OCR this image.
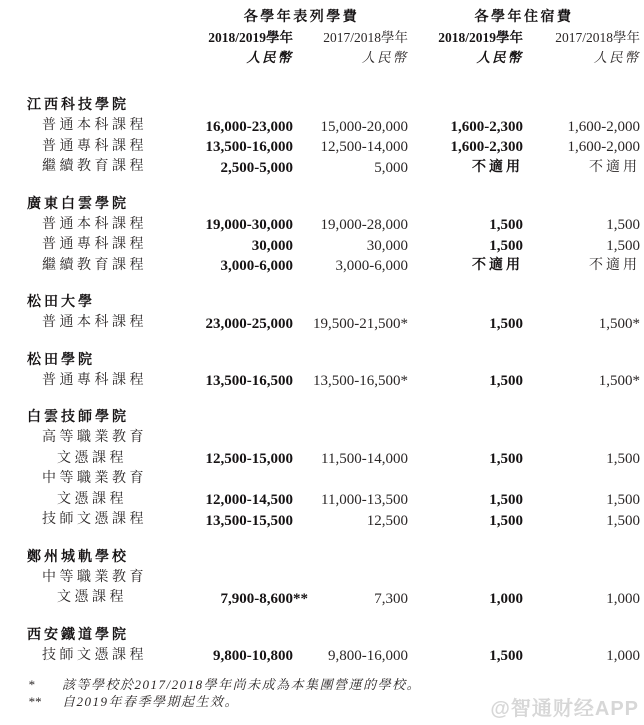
各學年表列學費	各學年住宿費
2018/2019學年	2017/2018學年	2018/2019學年	2017/2018學年
人民幣	人民幣	人民幣	人民幣
江西科技學院
普通本科課程	16,000-23,000	15,000-20,000	1,600-2,300	1,600-2,000
普通專科課程	13,500-16,000	12,500-14,000	1,600-2,300	1,600-2,000
繼續教育課程	2,500-5,000	5,000	不適用	不適用
廣東白雲學院
普通本科課程	19,000-30,000	19,000-28,000	1,500	1,500
普通專科課程	30,000	30,000	1,500	1,500
繼續教育課程	3,000-6,000	3,000-6,000	不適用	不適用
松田大學
普通本科課程	23,000-25,000	19,500-21,500*	1,500	1,500*
松田學院
普通專科課程	13,500-16,500	13,500-16,500*	1,500	1,500*
白雲技師學院
高等職業教育
文憑課程	12,500-15,000	11,500-14,000	1,500	1,500
中等職業教育
文憑課程	12,000-14,500	11,000-13,500	1,500	1,500
技師文憑課程	13,500-15,500	12,500	1,500	1,500
鄭州城軌學校
中等職業教育
文憑課程	7,900-8,600 **	7,300	1,000	1,000
西安鐵道學院
技師文憑課程	9,800-10,800	9,800-16,000	1,500	1,000
*	該等學校於2017/2018學年尚未成為本集團營運的學校。
**	自2019年春季學期起生效。	@智通财经APP
